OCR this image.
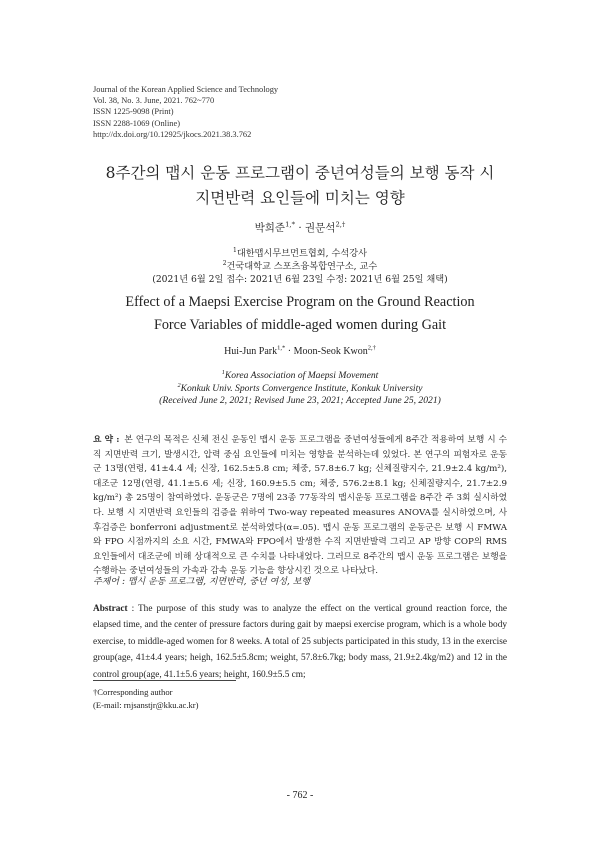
Journal of the Korean Applied Science and Technology
Vol. 38, No. 3. June, 2021. 762~770
ISSN 1225-9098 (Print)
ISSN 2288-1069 (Online)
http://dx.doi.org/10.12925/jkocs.2021.38.3.762
8주간의 맵시 운동 프로그램이 중년여성들의 보행 동작 시
지면반력 요인들에 미치는 영향
박희준$^{1,*}$ · 권문석$^{2,\dagger}$
$^1$대한맵시무브먼트협회, 수석강사
$^2$건국대학교 스포츠융복합연구소, 교수
(2021년 6월 2일 접수: 2021년 6월 23일 수정: 2021년 6월 25일 채택)
Effect of a Maepsi Exercise Program on the Ground Reaction
Force Variables of middle-aged women during Gait
Hui-Jun Park$^{1,*}$ · Moon-Seok Kwon$^{2,\dagger}$
$^1$Korea Association of Maepsi Movement
$^2$Konkuk Univ. Sports Convergence Institute, Konkuk University
(Received June 2, 2021; Revised June 23, 2021; Accepted June 25, 2021)
요 약 : 본 연구의 목적은 신체 전신 운동인 맵시 운동 프로그램을 중년여성들에게 8주간 적용하여 보행 시 수직 지면반력 크기, 발생시간, 압력 중심 요인들에 미치는 영향을 분석하는데 있었다. 본 연구의 피험자로 운동군 13명(연령, 41±4.4 세; 신장, 162.5±5.8 cm; 체중, 57.8±6.7 kg; 신체질량지수, 21.9±2.4 kg/m²), 대조군 12명(연령, 41.1±5.6 세; 신장, 160.9±5.5 cm; 체중, 576.2±8.1 kg; 신체질량지수, 21.7±2.9 kg/m²) 총 25명이 참여하였다. 운동군은 7명에 23종 77동작의 맵시운동 프로그램을 8주간 주 3회 실시하였다. 보행 시 지면반력 요인들의 검증을 위하여 Two-way repeated measures ANOVA를 실시하였으며, 사후검증은 bonferroni adjustment로 분석하였다(α=.05). 맵시 운동 프로그램의 운동군은 보행 시 FMWA와 FPO 시점까지의 소요 시간, FMWA와 FPO에서 발생한 수직 지면반발력 그리고 AP 방향 COP의 RMS 요인들에서 대조군에 비해 상대적으로 큰 수치를 나타내었다. 그러므로 8주간의 맵시 운동 프로그램은 보행을 수행하는 중년여성들의 가속과 감속 운동 기능을 향상시킨 것으로 나타났다.
주제어 : 맵시 운동 프로그램, 지면반력, 중년 여성, 보행
Abstract : The purpose of this study was to analyze the effect on the vertical ground reaction force, the elapsed time, and the center of pressure factors during gait by maepsi exercise program, which is a whole body exercise, to middle-aged women for 8 weeks. A total of 25 subjects participated in this study, 13 in the exercise group(age, 41±4.4 years; heigh, 162.5±5.8cm; weight, 57.8±6.7kg; body mass, 21.9±2.4kg/m2) and 12 in the control group(age, 41.1±5.6 years; height, 160.9±5.5 cm;
†Corresponding author
(E-mail: rnjsanstjr@kku.ac.kr)
- 762 -
